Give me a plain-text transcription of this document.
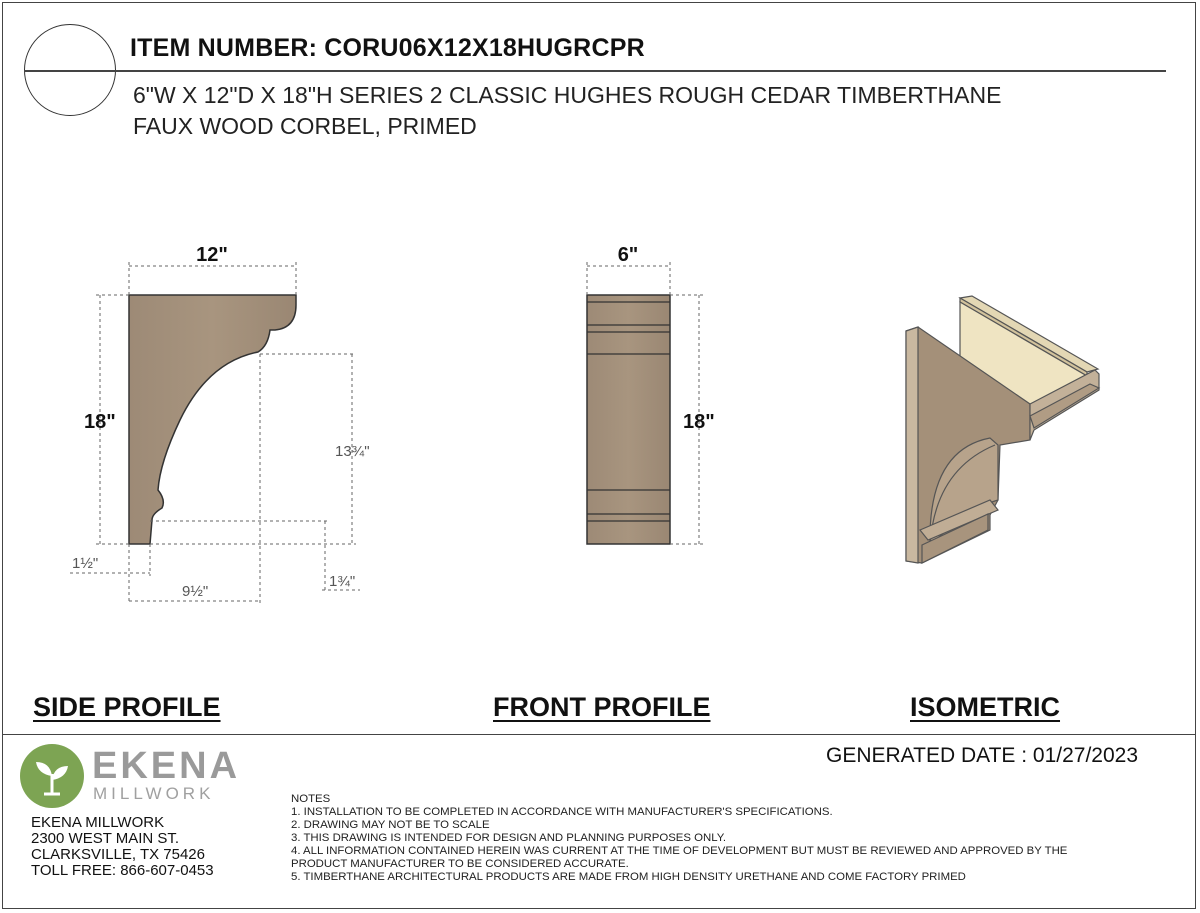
ITEM NUMBER: CORU06X12X18HUGRCPR
6"W X 12"D X 18"H SERIES 2 CLASSIC HUGHES ROUGH CEDAR TIMBERTHANE
FAUX WOOD CORBEL, PRIMED
12"
18"
13¾"
1½"
9½"
1¾"
6"
18"
SIDE PROFILE	FRONT PROFILE	ISOMETRIC
EKENA
MILLWORK
EKENA MILLWORK
2300 WEST MAIN ST.
CLARKSVILLE, TX 75426
TOLL FREE: 866-607-0453
GENERATED DATE : 01/27/2023
NOTES
1. INSTALLATION TO BE COMPLETED IN ACCORDANCE WITH MANUFACTURER'S SPECIFICATIONS.
2. DRAWING MAY NOT BE TO SCALE
3. THIS DRAWING IS INTENDED FOR DESIGN AND PLANNING PURPOSES ONLY.
4. ALL INFORMATION CONTAINED HEREIN WAS CURRENT AT THE TIME OF DEVELOPMENT BUT MUST BE REVIEWED AND APPROVED BY THE
PRODUCT MANUFACTURER TO BE CONSIDERED ACCURATE.
5. TIMBERTHANE ARCHITECTURAL PRODUCTS ARE MADE FROM HIGH DENSITY URETHANE AND COME FACTORY PRIMED
